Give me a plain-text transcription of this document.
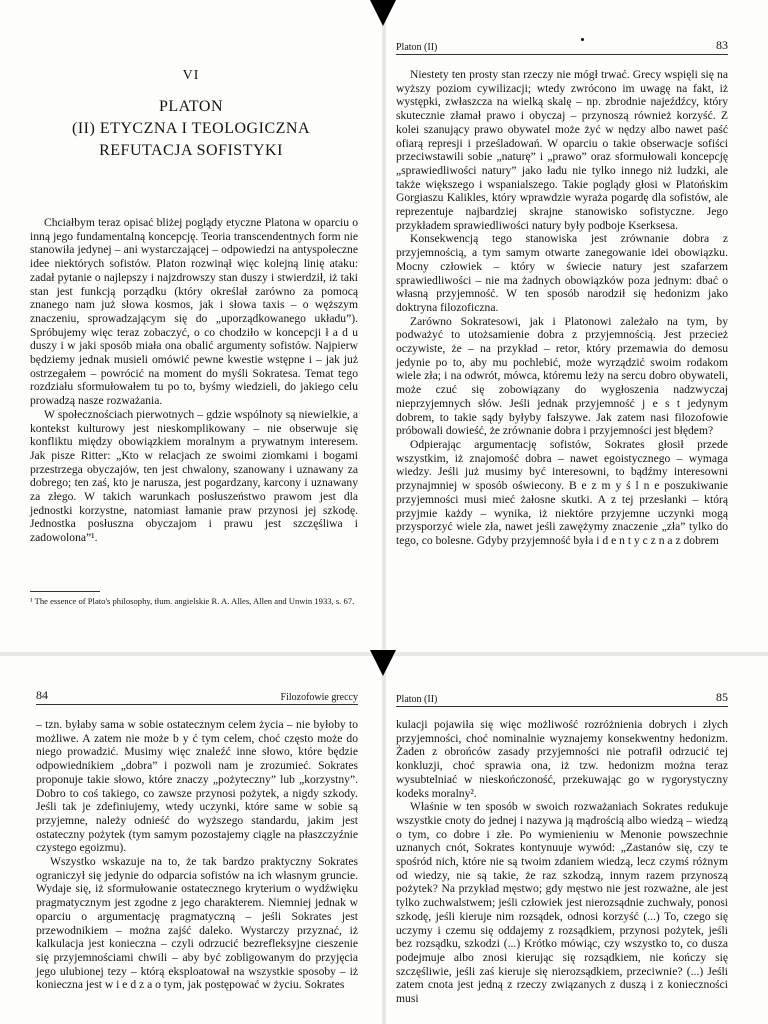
VI
PLATON
(II) ETYCZNA I TEOLOGICZNA
REFUTACJA SOFISTYKI

Chciałbym teraz opisać bliżej poglądy etyczne Platona w oparciu o inną jego fundamentalną koncepcję. Teoria transcendentnych form nie stanowiła jedynej – ani wystarczającej – odpowiedzi na antyspołeczne idee niektórych sofistów. Platon rozwinął więc kolejną linię ataku: zadał pytanie o najlepszy i najzdrowszy stan duszy i stwierdził, iż taki stan jest funkcją porządku (który określał zarówno za pomocą znanego nam już słowa kosmos, jak i słowa taxis – o węższym znaczeniu, sprowadzającym się do „uporządkowanego układu”). Spróbujemy więc teraz zobaczyć, o co chodziło w koncepcji ł a d u duszy i w jaki sposób miała ona obalić argumenty sofistów. Najpierw będziemy jednak musieli omówić pewne kwestie wstępne i – jak już ostrzegałem – powrócić na moment do myśli Sokratesa. Temat tego rozdziału sformułowałem tu po to, byśmy wiedzieli, do jakiego celu prowadzą nasze rozważania.

W społecznościach pierwotnych – gdzie wspólnoty są niewielkie, a kontekst kulturowy jest nieskomplikowany – nie obserwuje się konfliktu między obowiązkiem moralnym a prywatnym interesem. Jak pisze Ritter: „Kto w relacjach ze swoimi ziomkami i bogami przestrzega obyczajów, ten jest chwalony, szanowany i uznawany za dobrego; ten zaś, kto je narusza, jest pogardzany, karcony i uznawany za złego. W takich warunkach posłuszeństwo prawom jest dla jednostki korzystne, natomiast łamanie praw przynosi jej szkodę. Jednostka posłuszna obyczajom i prawu jest szczęśliwa i zadowolona”¹.

¹ The essence of Plato's philosophy, tłum. angielskie R. A. Alles, Allen and Unwin 1933, s. 67.
Platon (II)	83

Niestety ten prosty stan rzeczy nie mógł trwać. Grecy wspięli się na wyższy poziom cywilizacji; wtedy zwrócono im uwagę na fakt, iż występki, zwłaszcza na wielką skalę – np. zbrodnie najeźdźcy, który skutecznie złamał prawo i obyczaj – przynoszą również korzyść. Z kolei szanujący prawo obywatel może żyć w nędzy albo nawet paść ofiarą represji i prześladowań. W oparciu o takie obserwacje sofiści przeciwstawili sobie „naturę” i „prawo” oraz sformułowali koncepcję „sprawiedliwości natury” jako ładu nie tylko innego niż ludzki, ale także większego i wspanialszego. Takie poglądy głosi w Platońskim Gorgiaszu Kalikles, który wprawdzie wyraża pogardę dla sofistów, ale reprezentuje najbardziej skrajne stanowisko sofistyczne. Jego przykładem sprawiedliwości natury były podboje Kserksesa.

Konsekwencją tego stanowiska jest zrównanie dobra z przyjemnością, a tym samym otwarte zanegowanie idei obowiązku. Mocny człowiek – który w świecie natury jest szafarzem sprawiedliwości – nie ma żadnych obowiązków poza jednym: dbać o własną przyjemność. W ten sposób narodził się hedonizm jako doktryna filozoficzna.

Zarówno Sokratesowi, jak i Platonowi zależało na tym, by podważyć to utożsamienie dobra z przyjemnością. Jest przecież oczywiste, że – na przykład – retor, który przemawia do demosu jedynie po to, aby mu pochlebić, może wyrządzić swoim rodakom wiele zła; i na odwrót, mówca, któremu leży na sercu dobro obywateli, może czuć się zobowiązany do wygłoszenia nadzwyczaj nieprzyjemnych słów. Jeśli jednak przyjemność j e s t jedynym dobrem, to takie sądy byłyby fałszywe. Jak zatem nasi filozofowie próbowali dowieść, że zrównanie dobra i przyjemności jest błędem?

Odpierając argumentację sofistów, Sokrates głosił przede wszystkim, iż znajomość dobra – nawet egoistycznego – wymaga wiedzy. Jeśli już musimy być interesowni, to bądźmy interesowni przynajmniej w sposób oświecony. B e z m y ś l n e poszukiwanie przyjemności musi mieć żałosne skutki. A z tej przesłanki – którą przyjmie każdy – wynika, iż niektóre przyjemne uczynki mogą przysporzyć wiele zła, nawet jeśli zawężymy znaczenie „zła” tylko do tego, co bolesne. Gdyby przyjemność była i d e n t y c z n a z dobrem

84	Filozofowie greccy

– tzn. byłaby sama w sobie ostatecznym celem życia – nie byłoby to możliwe. A zatem nie może b y ć tym celem, choć często może do niego prowadzić. Musimy więc znaleźć inne słowo, które będzie odpowiednikiem „dobra” i pozwoli nam je zrozumieć. Sokrates proponuje takie słowo, które znaczy „pożyteczny” lub „korzystny”. Dobro to coś takiego, co zawsze przynosi pożytek, a nigdy szkody. Jeśli tak je zdefiniujemy, wtedy uczynki, które same w sobie są przyjemne, należy odnieść do wyższego standardu, jakim jest ostateczny pożytek (tym samym pozostajemy ciągle na płaszczyźnie czystego egoizmu).

Wszystko wskazuje na to, że tak bardzo praktyczny Sokrates ograniczył się jedynie do odparcia sofistów na ich własnym gruncie. Wydaje się, iż sformułowanie ostatecznego kryterium o wydźwięku pragmatycznym jest zgodne z jego charakterem. Niemniej jednak w oparciu o argumentację pragmatyczną – jeśli Sokrates jest przewodnikiem – można zajść daleko. Wystarczy przyznać, iż kalkulacja jest konieczna – czyli odrzucić bezrefleksyjne cieszenie się przyjemnościami chwili – aby być zobligowanym do przyjęcia jego ulubionej tezy – którą eksploatował na wszystkie sposoby – iż konieczna jest w i e d z a o tym, jak postępować w życiu. Sokrates

Platon (II)	85

kulacji pojawiła się więc możliwość rozróżnienia dobrych i złych przyjemności, choć nominalnie wyznajemy konsekwentny hedonizm. Żaden z obrońców zasady przyjemności nie potrafił odrzucić tej konkluzji, choć sprawia ona, iż tzw. hedonizm można teraz wysubtelniać w nieskończoność, przekuwając go w rygorystyczny kodeks moralny².

Właśnie w ten sposób w swoich rozważaniach Sokrates redukuje wszystkie cnoty do jednej i nazywa ją mądrością albo wiedzą – wiedzą o tym, co dobre i złe. Po wymienieniu w Menonie powszechnie uznanych cnót, Sokrates kontynuuje wywód: „Zastanów się, czy te spośród nich, które nie są twoim zdaniem wiedzą, lecz czymś różnym od wiedzy, nie są takie, że raz szkodzą, innym razem przynoszą pożytek? Na przykład męstwo; gdy męstwo nie jest rozważne, ale jest tylko zuchwalstwem; jeśli człowiek jest nierozsądnie zuchwały, ponosi szkodę, jeśli kieruje nim rozsądek, odnosi korzyść (...) To, czego się uczymy i czemu się oddajemy z rozsądkiem, przynosi pożytek, jeśli bez rozsądku, szkodzi (...) Krótko mówiąc, czy wszystko to, co dusza podejmuje albo znosi kierując się rozsądkiem, nie kończy się szczęśliwie, jeśli zaś kieruje się nierozsądkiem, przeciwnie? (...) Jeśli zatem cnota jest jedną z rzeczy związanych z duszą i z konieczności musi
